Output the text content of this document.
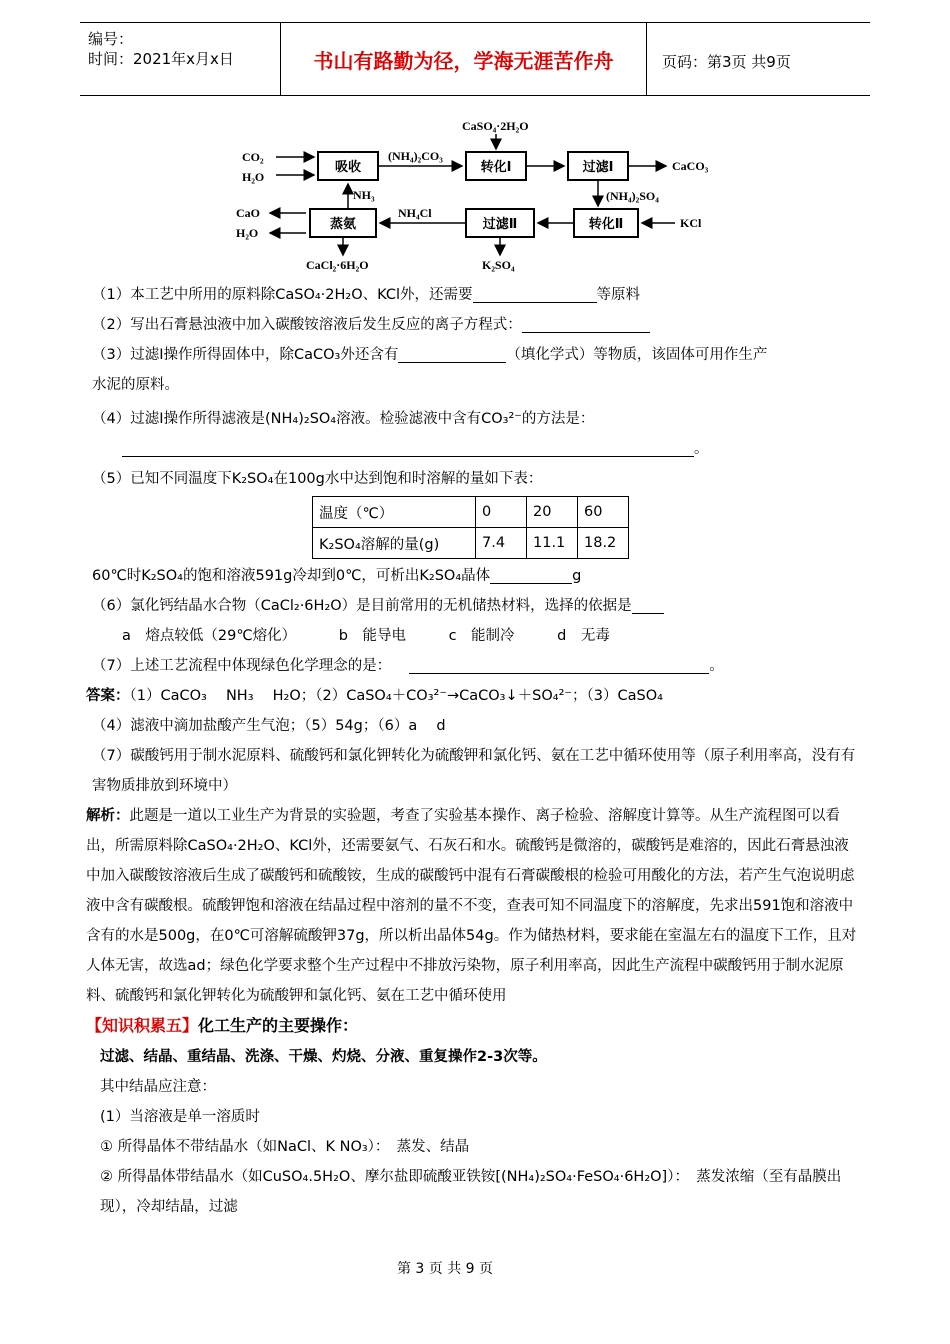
编号：
时间：2021年x月x日	书山有路勤为径，学海无涯苦作舟	页码：第3页 共9页
吸收	转化Ⅰ	过滤Ⅰ
蒸氨	过滤Ⅱ	转化Ⅱ
CO₂
H₂O
CaSO₄·2H₂O
(NH₄)₂CO₃
CaCO₃
(NH₄)₂SO₄
KCl
NH₄Cl
NH₃
CaO
H₂O
CaCl₂·6H₂O	K₂SO₄
（1）本工艺中所用的原料除CaSO₄·2H₂O、KCl外，还需要	等原料
（2）写出石膏悬浊液中加入碳酸铵溶液后发生反应的离子方程式：
（3）过滤Ⅰ操作所得固体中，除CaCO₃外还含有	（填化学式）等物质，该固体可用作生产
水泥的原料。
（4）过滤Ⅰ操作所得滤液是(NH₄)₂SO₄溶液。检验滤液中含有CO₃²⁻的方法是：
。
（5）已知不同温度下K₂SO₄在100g水中达到饱和时溶解的量如下表：
温度（℃）	0	20	60
K₂SO₄溶解的量(g)	7.4	11.1	18.2
60℃时K₂SO₄的饱和溶液591g冷却到0℃，可析出K₂SO₄晶体	g
（6）氯化钙结晶水合物（CaCl₂·6H₂O）是目前常用的无机储热材料，选择的依据是
a　熔点较低（29℃熔化）	b　能导电	c　能制冷	d　无毒
（7）上述工艺流程中体现绿色化学理念的是：	。
答案：（1）CaCO₃　 NH₃　 H₂O；（2）CaSO₄＋CO₃²⁻→CaCO₃↓＋SO₄²⁻；（3）CaSO₄
（4）滤液中滴加盐酸产生气泡；（5）54g；（6）a　 d
（7）碳酸钙用于制水泥原料、硫酸钙和氯化钾转化为硫酸钾和氯化钙、氨在工艺中循环使用等（原子利用率高，没有有害物质排放到环境中）
解析：此题是一道以工业生产为背景的实验题，考查了实验基本操作、离子检验、溶解度计算等。从生产流程图可以看出，所需原料除CaSO₄·2H₂O、KCl外，还需要氨气、石灰石和水。硫酸钙是微溶的，碳酸钙是难溶的，因此石膏悬浊液中加入碳酸铵溶液后生成了碳酸钙和硫酸铵，生成的碳酸钙中混有石膏碳酸根的检验可用酸化的方法，若产生气泡说明虑液中含有碳酸根。硫酸钾饱和溶液在结晶过程中溶剂的量不不变，查表可知不同温度下的溶解度，先求出591饱和溶液中含有的水是500g，在0℃可溶解硫酸钾37g，所以析出晶体54g。作为储热材料，要求能在室温左右的温度下工作，且对人体无害，故选ad；绿色化学要求整个生产过程中不排放污染物，原子利用率高，因此生产流程中碳酸钙用于制水泥原料、硫酸钙和氯化钾转化为硫酸钾和氯化钙、氨在工艺中循环使用
【知识积累五】化工生产的主要操作：
过滤、结晶、重结晶、洗涤、干燥、灼烧、分液、重复操作2-3次等。
其中结晶应注意：
(1）当溶液是单一溶质时
① 所得晶体不带结晶水（如NaCl、K NO₃）：　蒸发、结晶
② 所得晶体带结晶水（如CuSO₄.5H₂O、摩尔盐即硫酸亚铁铵[(NH₄)₂SO₄·FeSO₄·6H₂O]）：　蒸发浓缩（至有晶膜出现），冷却结晶，过滤
第 3 页 共 9 页
